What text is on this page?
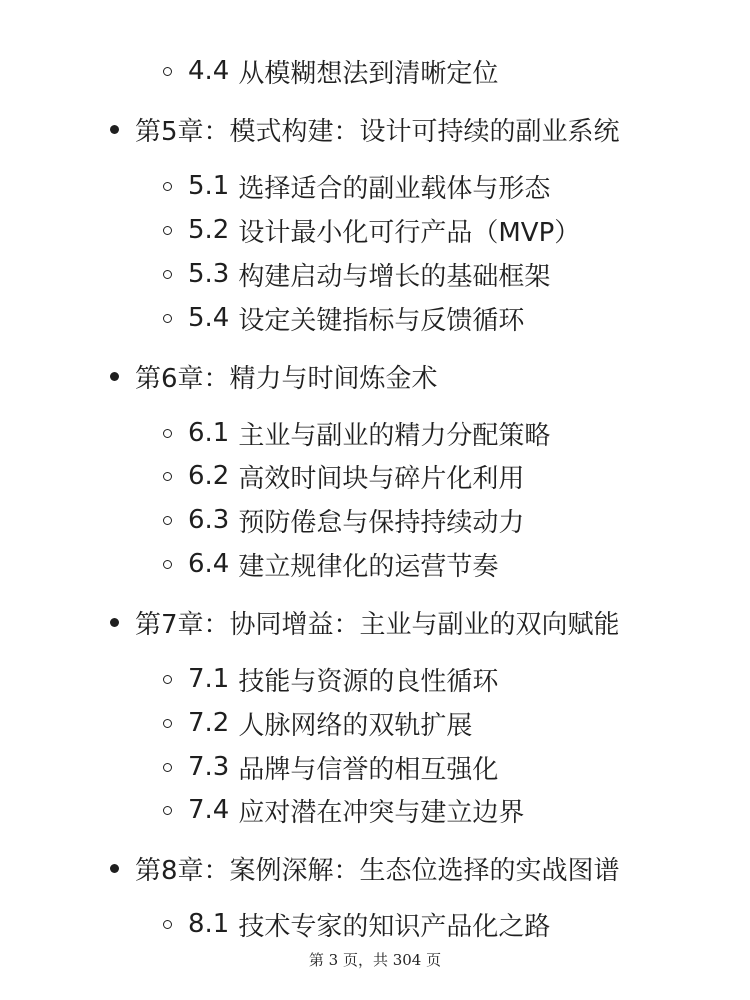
4.4 从模糊想法到清晰定位
第5章：模式构建：设计可持续的副业系统
5.1 选择适合的副业载体与形态
5.2 设计最小化可行产品（MVP）
5.3 构建启动与增长的基础框架
5.4 设定关键指标与反馈循环
第6章：精力与时间炼金术
6.1 主业与副业的精力分配策略
6.2 高效时间块与碎片化利用
6.3 预防倦怠与保持持续动力
6.4 建立规律化的运营节奏
第7章：协同增益：主业与副业的双向赋能
7.1 技能与资源的良性循环
7.2 人脉网络的双轨扩展
7.3 品牌与信誉的相互强化
7.4 应对潜在冲突与建立边界
第8章：案例深解：生态位选择的实战图谱
8.1 技术专家的知识产品化之路
第 3 页，共 304 页
